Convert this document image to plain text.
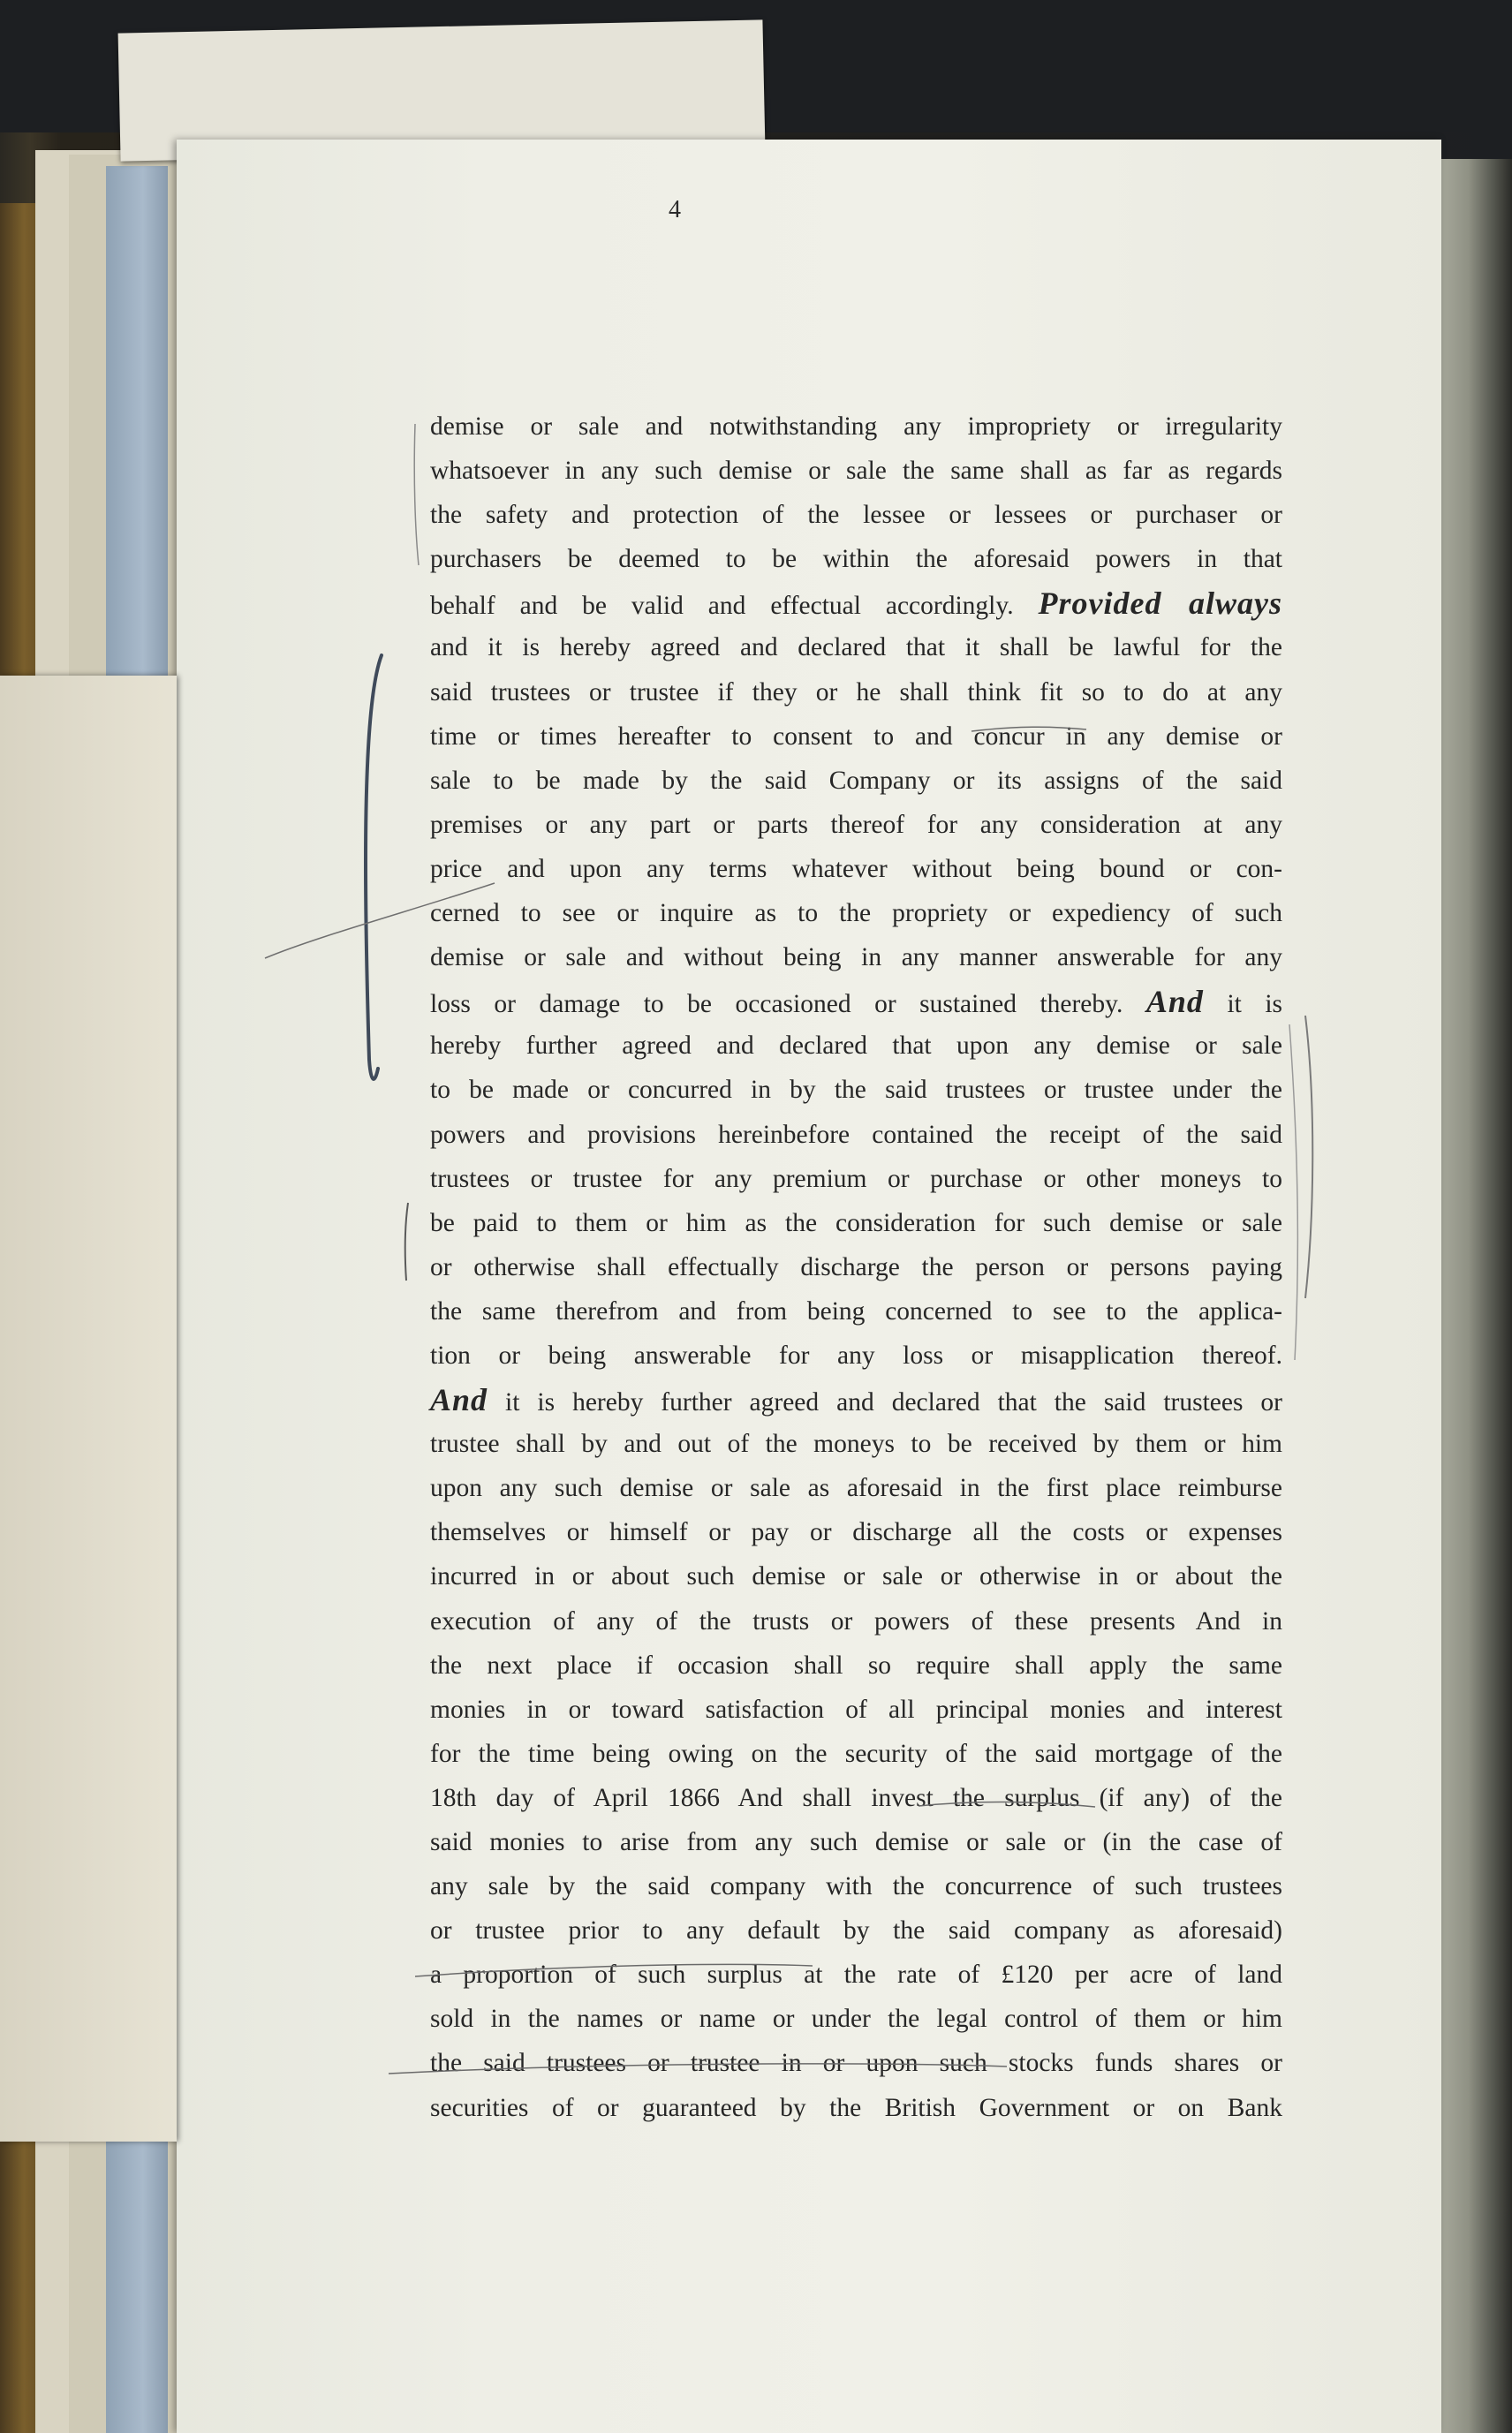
4
demise or sale and notwithstanding any impropriety or irregularity
whatsoever in any such demise or sale the same shall as far as regards
the safety and protection of the lessee or lessees or purchaser or
purchasers be deemed to be within the aforesaid powers in that
behalf and be valid and effectual accordingly. Provided always
and it is hereby agreed and declared that it shall be lawful for the
said trustees or trustee if they or he shall think fit so to do at any
time or times hereafter to consent to and concur in any demise or
sale to be made by the said Company or its assigns of the said
premises or any part or parts thereof for any consideration at any
price and upon any terms whatever without being bound or con-
cerned to see or inquire as to the propriety or expediency of such
demise or sale and without being in any manner answerable for any
loss or damage to be occasioned or sustained thereby. And it is
hereby further agreed and declared that upon any demise or sale
to be made or concurred in by the said trustees or trustee under the
powers and provisions hereinbefore contained the receipt of the said
trustees or trustee for any premium or purchase or other moneys to
be paid to them or him as the consideration for such demise or sale
or otherwise shall effectually discharge the person or persons paying
the same therefrom and from being concerned to see to the applica-
tion or being answerable for any loss or misapplication thereof.
And it is hereby further agreed and declared that the said trustees or
trustee shall by and out of the moneys to be received by them or him
upon any such demise or sale as aforesaid in the first place reimburse
themselves or himself or pay or discharge all the costs or expenses
incurred in or about such demise or sale or otherwise in or about the
execution of any of the trusts or powers of these presents And in
the next place if occasion shall so require shall apply the same
monies in or toward satisfaction of all principal monies and interest
for the time being owing on the security of the said mortgage of the
18th day of April 1866 And shall invest the surplus (if any) of the
said monies to arise from any such demise or sale or (in the case of
any sale by the said company with the concurrence of such trustees
or trustee prior to any default by the said company as aforesaid)
a proportion of such surplus at the rate of £120 per acre of land
sold in the names or name or under the legal control of them or him
the said trustees or trustee in or upon such stocks funds shares or
securities of or guaranteed by the British Government or on Bank
